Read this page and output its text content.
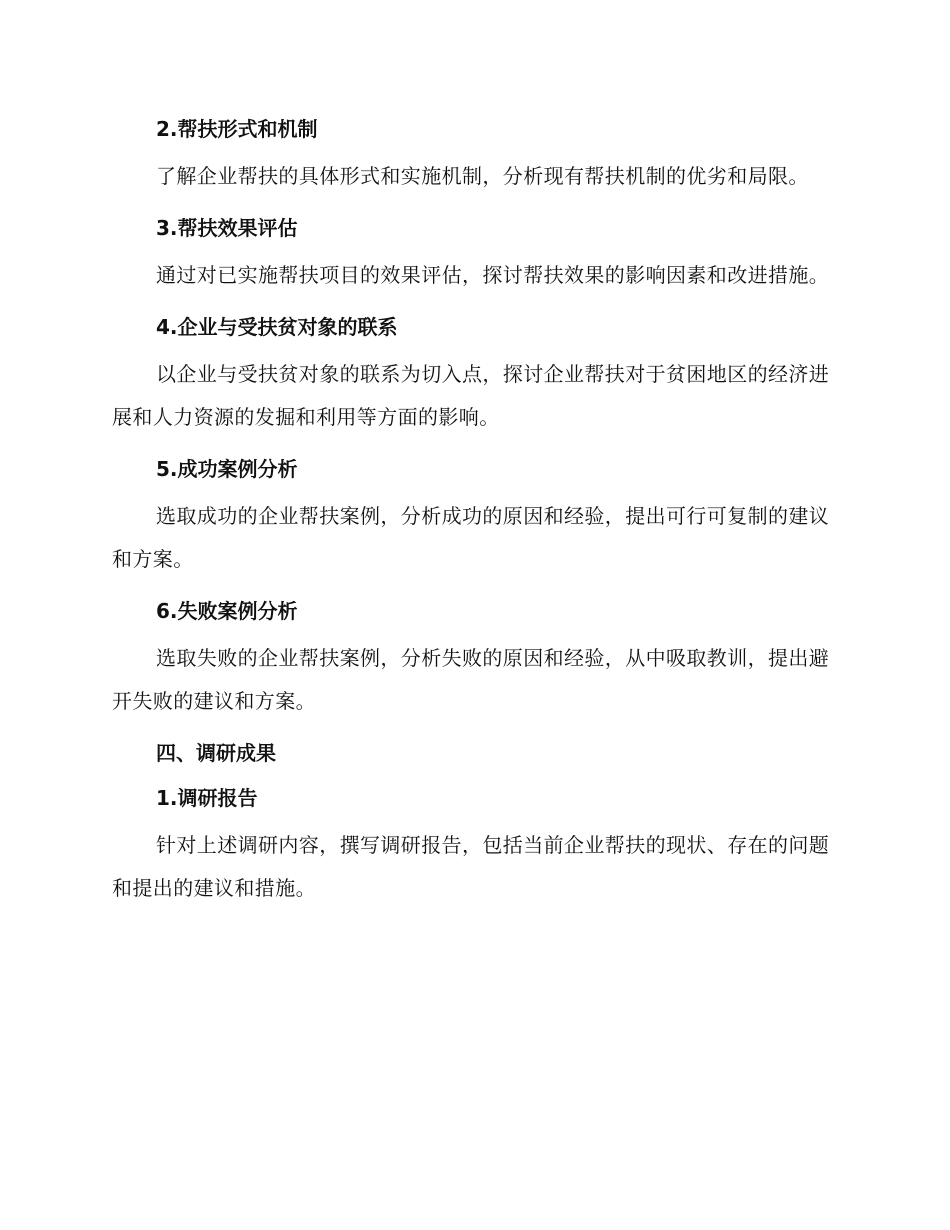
2.帮扶形式和机制
了解企业帮扶的具体形式和实施机制，分析现有帮扶机制的优劣和局限。
3.帮扶效果评估
通过对已实施帮扶项目的效果评估，探讨帮扶效果的影响因素和改进措施。
4.企业与受扶贫对象的联系
以企业与受扶贫对象的联系为切入点，探讨企业帮扶对于贫困地区的经济进展和人力资源的发掘和利用等方面的影响。
5.成功案例分析
选取成功的企业帮扶案例，分析成功的原因和经验，提出可行可复制的建议和方案。
6.失败案例分析
选取失败的企业帮扶案例，分析失败的原因和经验，从中吸取教训，提出避开失败的建议和方案。
四、调研成果
1.调研报告
针对上述调研内容，撰写调研报告，包括当前企业帮扶的现状、存在的问题和提出的建议和措施。
